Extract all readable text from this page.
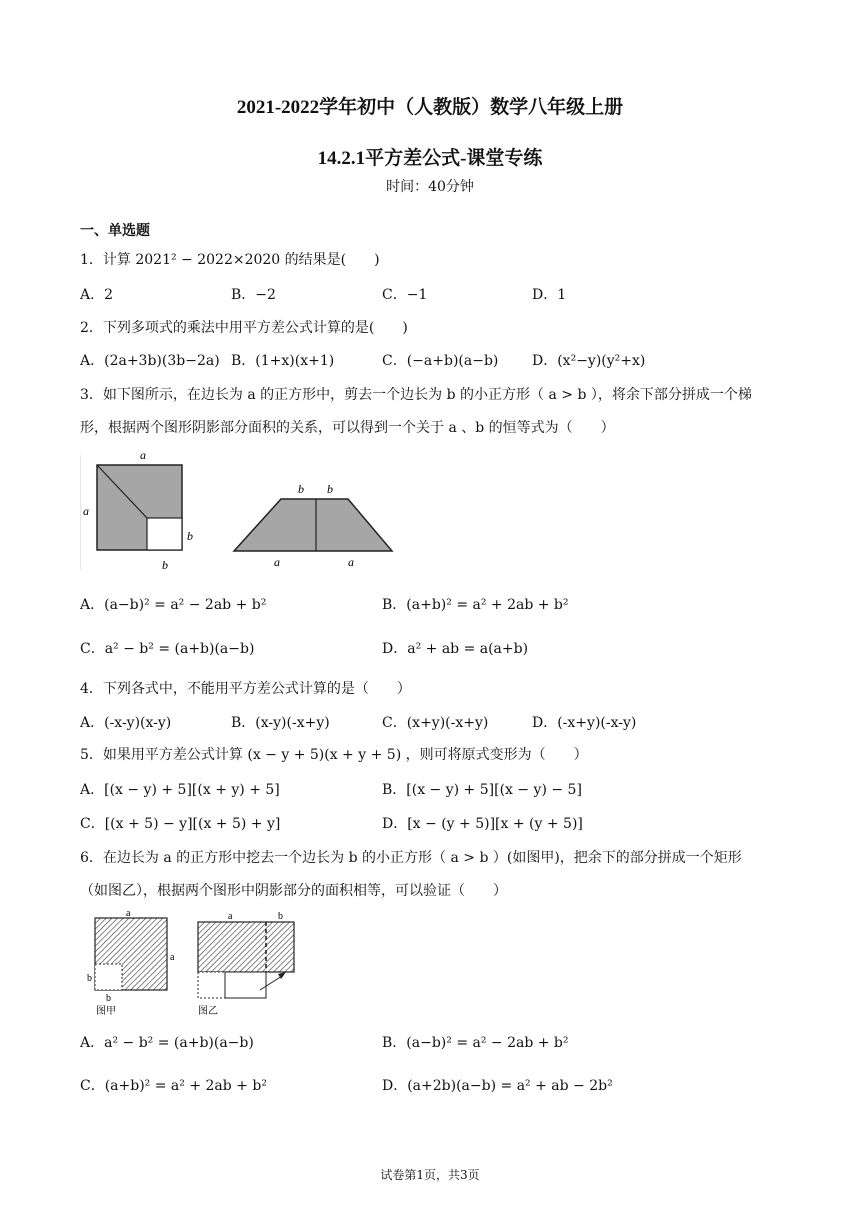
2021-2022学年初中（人教版）数学八年级上册
14.2.1平方差公式-课堂专练
时间：40分钟
一、单选题
1．计算 2021² − 2022×2020 的结果是(　　)
A．2	B．−2	C．−1	D．1
2．下列多项式的乘法中用平方差公式计算的是(　　)
A．(2a+3b)(3b−2a) B．(1+x)(x+1)	C．(−a+b)(a−b) D．(x²−y)(y²+x)
3．如下图所示，在边长为 a 的正方形中，剪去一个边长为 b 的小正方形（ a > b ），将余下部分拼成一个梯
形，根据两个图形阴影部分面积的关系，可以得到一个关于 a 、b 的恒等式为（　　）
a
a
b
b
b b
a	a
A．(a−b)² = a² − 2ab + b²	B．(a+b)² = a² + 2ab + b²
C．a² − b² = (a+b)(a−b)	D．a² + ab = a(a+b)
4．下列各式中，不能用平方差公式计算的是（　　）
A．(-x-y)(x-y)	B．(x-y)(-x+y)	C．(x+y)(-x+y)	D．(-x+y)(-x-y)
5．如果用平方差公式计算 (x − y + 5)(x + y + 5) ，则可将原式变形为（　　）
A．[(x − y) + 5][(x + y) + 5]	B．[(x − y) + 5][(x − y) − 5]
C．[(x + 5) − y][(x + 5) + y]	D．[x − (y + 5)][x + (y + 5)]
6．在边长为 a 的正方形中挖去一个边长为 b 的小正方形（ a > b ）(如图甲)，把余下的部分拼成一个矩形
（如图乙），根据两个图形中阴影部分的面积相等，可以验证（　　）
a
a
b
b
图甲
a	b
图乙
A．a² − b² = (a+b)(a−b)	B．(a−b)² = a² − 2ab + b²
C．(a+b)² = a² + 2ab + b²	D．(a+2b)(a−b) = a² + ab − 2b²
试卷第1页，共3页
